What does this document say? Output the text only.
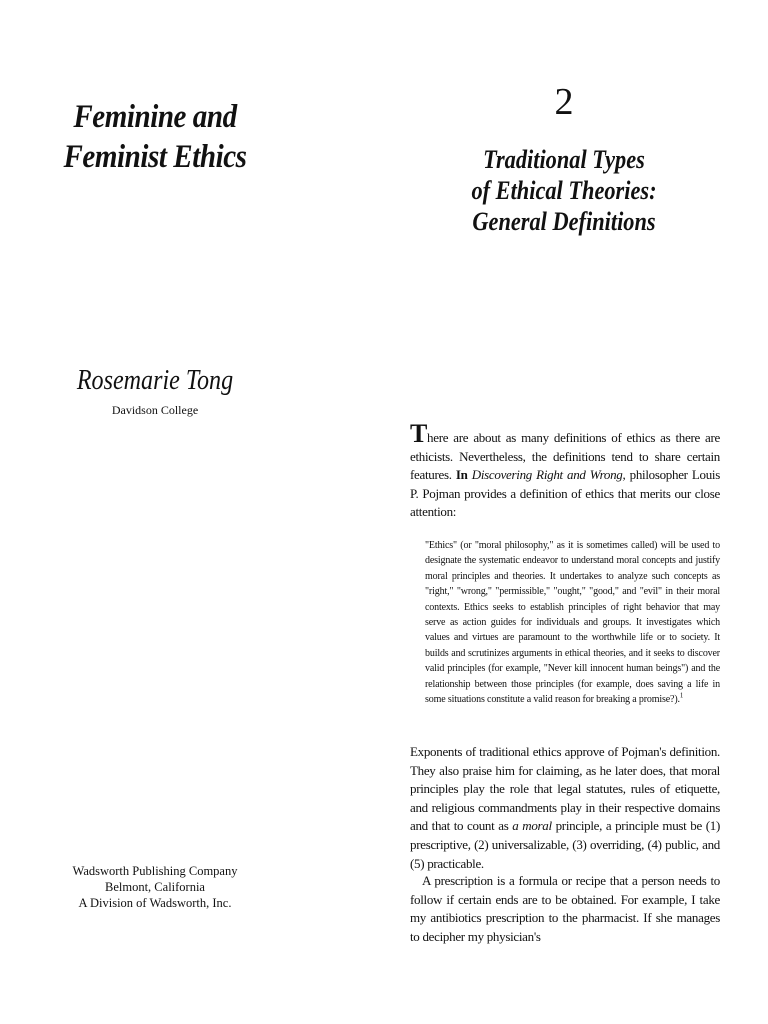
Feminine and
Feminist Ethics
Rosemarie Tong
Davidson College
Wadsworth Publishing Company
Belmont, California
A Division of Wadsworth, Inc.
2
Traditional Types
of Ethical Theories:
General Definitions

There are about as many definitions of ethics as there are ethicists. Nevertheless, the definitions tend to share certain features. In Discovering Right and Wrong, philosopher Louis P. Pojman provides a definition of ethics that merits our close attention:

"Ethics" (or "moral philosophy," as it is sometimes called) will be used to designate the systematic endeavor to understand moral concepts and justify moral principles and theories. It undertakes to analyze such concepts as "right," "wrong," "permissible," "ought," "good," and "evil" in their moral contexts. Ethics seeks to establish principles of right behavior that may serve as action guides for individuals and groups. It investigates which values and virtues are paramount to the worthwhile life or to society. It builds and scrutinizes arguments in ethical theories, and it seeks to discover valid principles (for example, "Never kill innocent human beings") and the relationship between those principles (for example, does saving a life in some situations constitute a valid reason for breaking a promise?).$^1$

Exponents of traditional ethics approve of Pojman's definition. They also praise him for claiming, as he later does, that moral principles play the role that legal statutes, rules of etiquette, and religious commandments play in their respective domains and that to count as a moral principle, a principle must be (1) prescriptive, (2) universalizable, (3) overriding, (4) public, and (5) practicable.

A prescription is a formula or recipe that a person needs to follow if certain ends are to be obtained. For example, I take my antibiotics prescription to the pharmacist. If she manages to decipher my physician's
